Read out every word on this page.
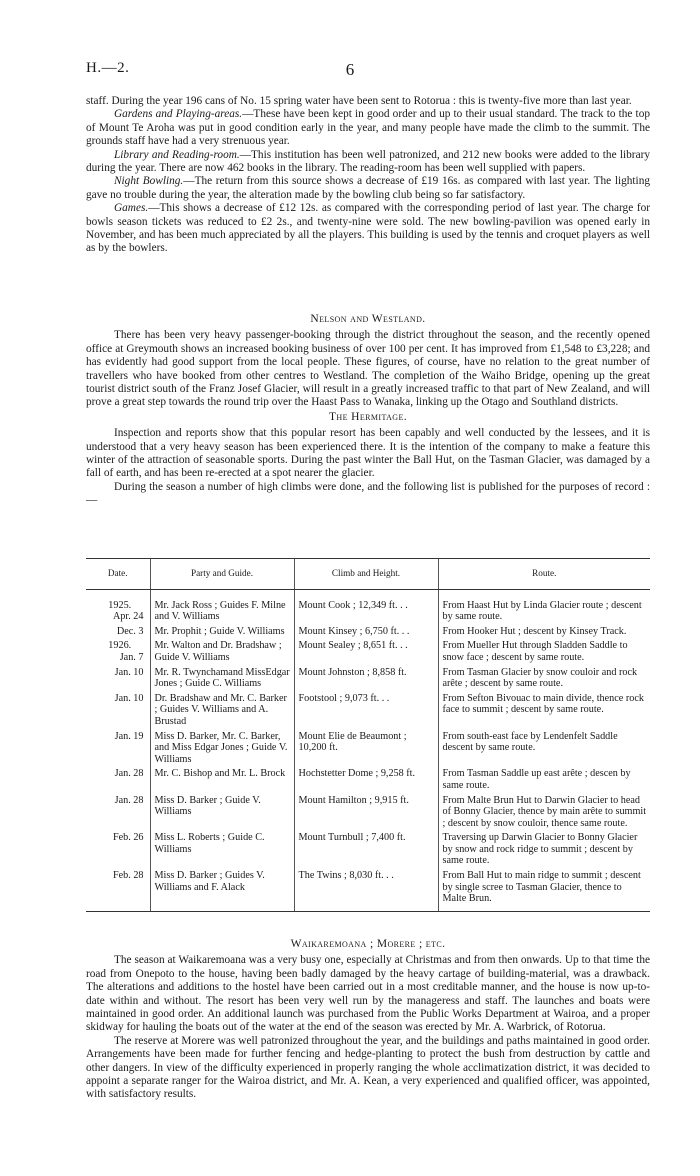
H.—2.	6

staff. During the year 196 cans of No. 15 spring water have been sent to Rotorua : this is twenty-five more than last year.

Gardens and Playing-areas.—These have been kept in good order and up to their usual standard. The track to the top of Mount Te Aroha was put in good condition early in the year, and many people have made the climb to the summit. The grounds staff have had a very strenuous year.

Library and Reading-room.—This institution has been well patronized, and 212 new books were added to the library during the year. There are now 462 books in the library. The reading-room has been well supplied with papers.

Night Bowling.—The return from this source shows a decrease of £19 16s. as compared with last year. The lighting gave no trouble during the year, the alteration made by the bowling club being so far satisfactory.

Games.—This shows a decrease of £12 12s. as compared with the corresponding period of last year. The charge for bowls season tickets was reduced to £2 2s., and twenty-nine were sold. The new bowling-pavilion was opened early in November, and has been much appreciated by all the players. This building is used by the tennis and croquet players as well as by the bowlers.

Nelson and Westland.

There has been very heavy passenger-booking through the district throughout the season, and the recently opened office at Greymouth shows an increased booking business of over 100 per cent. It has improved from £1,548 to £3,228; and has evidently had good support from the local people. These figures, of course, have no relation to the great number of travellers who have booked from other centres to Westland. The completion of the Waiho Bridge, opening up the great tourist district south of the Franz Josef Glacier, will result in a greatly increased traffic to that part of New Zealand, and will prove a great step towards the round trip over the Haast Pass to Wanaka, linking up the Otago and Southland districts.

The Hermitage.

Inspection and reports show that this popular resort has been capably and well conducted by the lessees, and it is understood that a very heavy season has been experienced there. It is the intention of the company to make a feature this winter of the attraction of seasonable sports. During the past winter the Ball Hut, on the Tasman Glacier, was damaged by a fall of earth, and has been re-erected at a spot nearer the glacier.

During the season a number of high climbs were done, and the following list is published for the purposes of record :—

Date.	Party and Guide.	Climb and Height.	Route.

1925.
Apr. 24	Mr. Jack Ross ; Guides F. Milne and V. Williams	Mount Cook ; 12,349 ft. . .	From Haast Hut by Linda Glacier route ; descent by same route.
Dec. 3	Mr. Prophit ; Guide V. Williams	Mount Kinsey ; 6,750 ft. . .	From Hooker Hut ; descent by Kinsey Track.

1926.
Jan. 7	Mr. Walton and Dr. Bradshaw ; Guide V. Williams	Mount Sealey ; 8,651 ft. . .	From Mueller Hut through Sladden Saddle to snow face ; descent by same route.
Jan. 10	Mr. R. Twynchamand MissEdgar Jones ; Guide C. Williams	Mount Johnston ; 8,858 ft.	From Tasman Glacier by snow couloir and rock arête ; descent by same route.
Jan. 10	Dr. Bradshaw and Mr. C. Barker ; Guides V. Williams and A. Brustad	Footstool ; 9,073 ft. . .	From Sefton Bivouac to main divide, thence rock face to summit ; descent by same route.
Jan. 19	Miss D. Barker, Mr. C. Barker, and Miss Edgar Jones ; Guide V. Williams	Mount Elie de Beaumont ; 10,200 ft.	From south-east face by Lendenfelt Saddle descent by same route.
Jan. 28	Mr. C. Bishop and Mr. L. Brock	Hochstetter Dome ; 9,258 ft.	From Tasman Saddle up east arête ; descen by same route.
Jan. 28	Miss D. Barker ; Guide V. Williams	Mount Hamilton ; 9,915 ft.	From Malte Brun Hut to Darwin Glacier to head of Bonny Glacier, thence by main arête to summit ; descent by snow couloir, thence same route.
Feb. 26	Miss L. Roberts ; Guide C. Williams	Mount Turnbull ; 7,400 ft.	Traversing up Darwin Glacier to Bonny Glacier by snow and rock ridge to summit ; descent by same route.
Feb. 28	Miss D. Barker ; Guides V. Williams and F. Alack	The Twins ; 8,030 ft. . .	From Ball Hut to main ridge to summit ; descent by single scree to Tasman Glacier, thence to Malte Brun.

Waikaremoana ; Morere ; etc.

The season at Waikaremoana was a very busy one, especially at Christmas and from then onwards. Up to that time the road from Onepoto to the house, having been badly damaged by the heavy cartage of building-material, was a drawback. The alterations and additions to the hostel have been carried out in a most creditable manner, and the house is now up-to-date within and without. The resort has been very well run by the manageress and staff. The launches and boats were maintained in good order. An additional launch was purchased from the Public Works Department at Wairoa, and a proper skidway for hauling the boats out of the water at the end of the season was erected by Mr. A. Warbrick, of Rotorua.

The reserve at Morere was well patronized throughout the year, and the buildings and paths maintained in good order. Arrangements have been made for further fencing and hedge-planting to protect the bush from destruction by cattle and other dangers. In view of the difficulty experienced in properly ranging the whole acclimatization district, it was decided to appoint a separate ranger for the Wairoa district, and Mr. A. Kean, a very experienced and qualified officer, was appointed, with satisfactory results.
